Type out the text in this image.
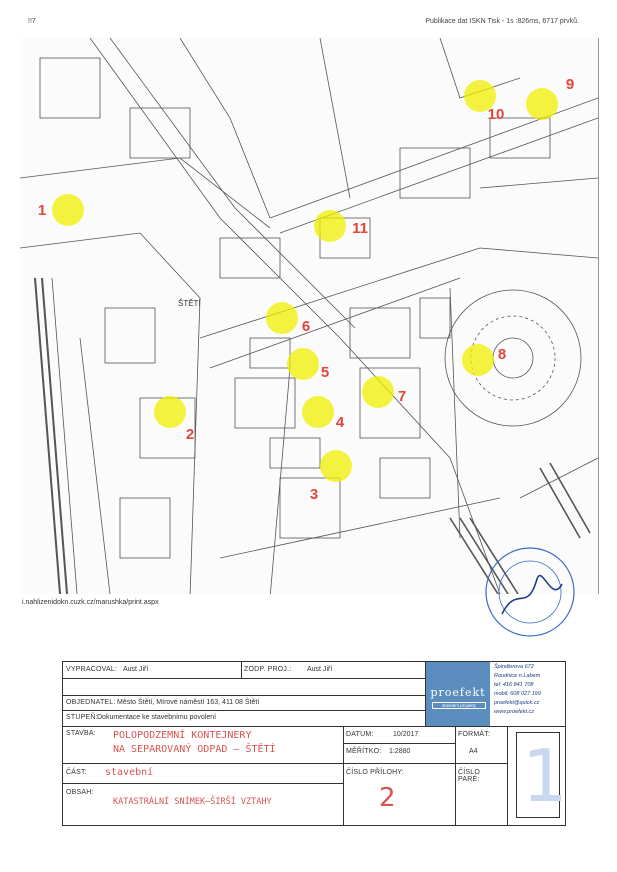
!!7	Publikace dat ISKN Tisk - 1s :826ms, 6717 prvků.
ŠTĚTÍ
1
2
3
4
5
6
7
8
9
10
11
i.nahlizenidokn.cuzk.cz/marushka/print.aspx
VYPRACOVAL: Aust Jiří	ZODP. PROJ.: Aust Jiří
OBJEDNATEL: Město Štětí, Mírové náměstí 163, 411 08 Štětí
STUPEŇ: Dokumentace ke stavebnímu povolení
proefekt
stavební projekty
Špindlerova 672
Roudnice n.Labem
tel: 416 841 708
mobil: 608 027 199
proefekt@quick.cz
www.proefekt.cz
STAVBA: POLOPODZEMNÍ KONTEJNERY
NA SEPAROVANÝ ODPAD – ŠTĚTÍ
DATUM:	10/2017
MĚŘÍTKO: 1:2880
FORMÁT:
A4 1
ČÁST: stavební	ČÍSLO PŘÍLOHY:
2
ČÍSLO PARÉ:
OBSAH:
KATASTRÁLNÍ SNÍMEK–ŠIRŠÍ VZTAHY
